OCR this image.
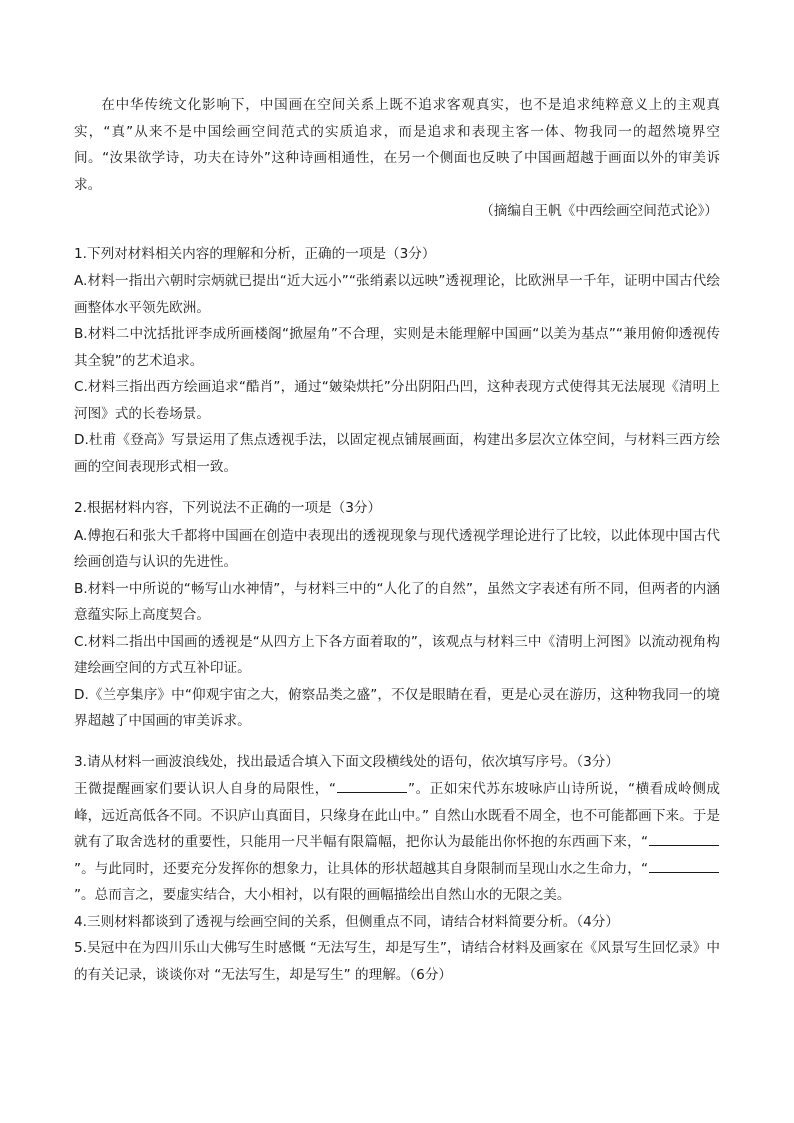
在中华传统文化影响下，中国画在空间关系上既不追求客观真实，也不是追求纯粹意义上的主观真实，“真”从来不是中国绘画空间范式的实质追求，而是追求和表现主客一体、物我同一的超然境界空间。“汝果欲学诗，功夫在诗外”这种诗画相通性，在另一个侧面也反映了中国画超越于画面以外的审美诉求。

（摘编自王帆《中西绘画空间范式论》）

1.下列对材料相关内容的理解和分析，正确的一项是（3分）

A.材料一指出六朝时宗炳就已提出“近大远小”“张绡素以远映”透视理论，比欧洲早一千年，证明中国古代绘画整体水平领先欧洲。

B.材料二中沈括批评李成所画楼阁“掀屋角”不合理，实则是未能理解中国画“以美为基点”“兼用俯仰透视传其全貌”的艺术追求。

C.材料三指出西方绘画追求“酷肖”，通过“皴染烘托”分出阴阳凸凹，这种表现方式使得其无法展现《清明上河图》式的长卷场景。

D.杜甫《登高》写景运用了焦点透视手法，以固定视点铺展画面，构建出多层次立体空间，与材料三西方绘画的空间表现形式相一致。

2.根据材料内容，下列说法不正确的一项是（3分）

A.傅抱石和张大千都将中国画在创造中表现出的透视现象与现代透视学理论进行了比较，以此体现中国古代绘画创造与认识的先进性。

B.材料一中所说的“畅写山水神情”，与材料三中的“人化了的自然”，虽然文字表述有所不同，但两者的内涵意蕴实际上高度契合。

C.材料二指出中国画的透视是“从四方上下各方面着取的”，该观点与材料三中《清明上河图》以流动视角构建绘画空间的方式互补印证。

D.《兰亭集序》中“仰观宇宙之大，俯察品类之盛”，不仅是眼睛在看，更是心灵在游历，这种物我同一的境界超越了中国画的审美诉求。

3.请从材料一画波浪线处，找出最适合填入下面文段横线处的语句，依次填写序号。（3分）

王微提醒画家们要认识人自身的局限性，“	”。正如宋代苏东坡咏庐山诗所说，“横看成岭侧成峰，远近高低各不同。不识庐山真面目，只缘身在此山中。” 自然山水既看不周全，也不可能都画下来。于是就有了取舍选材的重要性，只能用一尺半幅有限篇幅，把你认为最能出你怀抱的东西画下来，“”。与此同时，还要充分发挥你的想象力，让具体的形状超越其自身限制而呈现山水之生命力，“”。总而言之，要虚实结合，大小相衬，以有限的画幅描绘出自然山水的无限之美。

4.三则材料都谈到了透视与绘画空间的关系，但侧重点不同，请结合材料简要分析。（4分）

5.吴冠中在为四川乐山大佛写生时感慨 “无法写生，却是写生”，请结合材料及画家在《风景写生回忆录》中的有关记录，谈谈你对 “无法写生，却是写生” 的理解。（6分）
